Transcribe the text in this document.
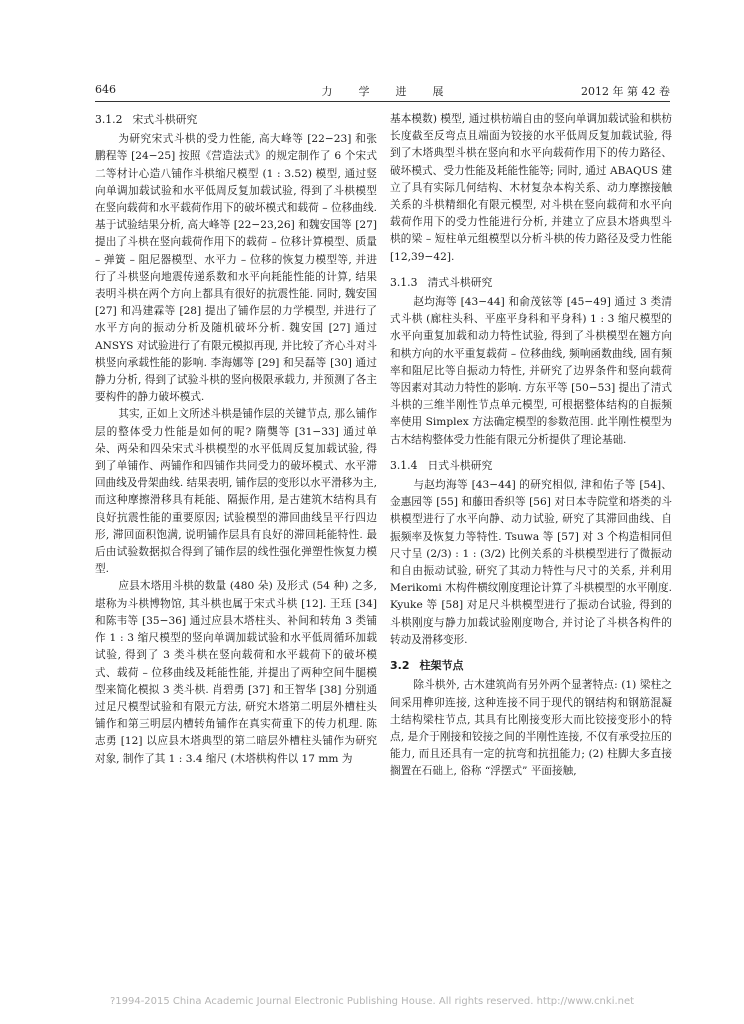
646	力学进展	2012 年 第 42 卷
3.1.2 宋式斗栱研究

为研究宋式斗栱的受力性能, 高大峰等 [22−23] 和张鹏程等 [24−25] 按照《营造法式》的规定制作了 6 个宋式二等材计心造八铺作斗栱缩尺模型 (1 : 3.52) 模型, 通过竖向单调加载试验和水平低周反复加载试验, 得到了斗栱模型在竖向载荷和水平载荷作用下的破坏模式和载荷 – 位移曲线. 基于试验结果分析, 高大峰等 [22−23,26] 和魏安国等 [27] 提出了斗栱在竖向载荷作用下的载荷 – 位移计算模型、质量 – 弹簧 – 阻尼器模型、水平力 – 位移的恢复力模型等, 并进行了斗栱竖向地震传递系数和水平向耗能性能的计算, 结果表明斗栱在两个方向上都具有很好的抗震性能. 同时, 魏安国 [27] 和冯建霖等 [28] 提出了铺作层的力学模型, 并进行了水平方向的振动分析及随机破坏分析. 魏安国 [27] 通过 ANSYS 对试验进行了有限元模拟再现, 并比较了齐心斗对斗栱竖向承载性能的影响. 李海娜等 [29] 和吴磊等 [30] 通过静力分析, 得到了试验斗栱的竖向极限承载力, 并预测了各主要构件的静力破坏模式.

其实, 正如上文所述斗栱是铺作层的关键节点, 那么铺作层的整体受力性能是如何的呢? 隋龑等 [31−33] 通过单朵、两朵和四朵宋式斗栱模型的水平低周反复加载试验, 得到了单铺作、两铺作和四铺作共同受力的破坏模式、水平滞回曲线及骨架曲线. 结果表明, 铺作层的变形以水平滑移为主, 而这种摩擦滑移具有耗能、隔振作用, 是古建筑木结构具有良好抗震性能的重要原因; 试验模型的滞回曲线呈平行四边形, 滞回面积饱满, 说明铺作层具有良好的滞回耗能特性. 最后由试验数据拟合得到了铺作层的线性强化弹塑性恢复力模型.

应县木塔用斗栱的数量 (480 朵) 及形式 (54 种) 之多, 堪称为斗栱博物馆, 其斗栱也属于宋式斗栱 [12]. 王珏 [34] 和陈韦等 [35−36] 通过应县木塔柱头、补间和转角 3 类铺作 1 : 3 缩尺模型的竖向单调加载试验和水平低周循环加载试验, 得到了 3 类斗栱在竖向载荷和水平载荷下的破坏模式、载荷 – 位移曲线及耗能性能, 并提出了两种空间牛腿模型来简化模拟 3 类斗栱. 肖碧勇 [37] 和王智华 [38] 分别通过足尺模型试验和有限元方法, 研究木塔第二明层外槽柱头铺作和第三明层内槽转角铺作在真实荷重下的传力机理. 陈志勇 [12] 以应县木塔典型的第二暗层外槽柱头铺作为研究对象, 制作了其 1 : 3.4 缩尺 (木塔栱构件以 17 mm 为

基本模数) 模型, 通过栱枋端自由的竖向单调加载试验和栱枋长度截至反弯点且端面为铰接的水平低周反复加载试验, 得到了木塔典型斗栱在竖向和水平向载荷作用下的传力路径、破坏模式、受力性能及耗能性能等; 同时, 通过 ABAQUS 建立了具有实际几何结构、木材复杂本构关系、动力摩擦接触关系的斗栱精细化有限元模型, 对斗栱在竖向载荷和水平向载荷作用下的受力性能进行分析, 并建立了应县木塔典型斗栱的梁 – 短柱单元组模型以分析斗栱的传力路径及受力性能 [12,39−42].

3.1.3 清式斗栱研究

赵均海等 [43−44] 和俞茂铉等 [45−49] 通过 3 类清式斗栱 (廊柱头科、平座平身科和平身科) 1 : 3 缩尺模型的水平向重复加载和动力特性试验, 得到了斗栱模型在翘方向和栱方向的水平重复载荷 – 位移曲线, 频响函数曲线, 固有频率和阻尼比等自振动力特性, 并研究了边界条件和竖向载荷等因素对其动力特性的影响. 方东平等 [50−53] 提出了清式斗栱的三维半刚性节点单元模型, 可根据整体结构的自振频率使用 Simplex 方法确定模型的参数范围. 此半刚性模型为古木结构整体受力性能有限元分析提供了理论基础.

3.1.4 日式斗栱研究

与赵均海等 [43−44] 的研究相似, 津和佑子等 [54]、金惠园等 [55] 和藤田香织等 [56] 对日本寺院堂和塔类的斗栱模型进行了水平向静、动力试验, 研究了其滞回曲线、自振频率及恢复力等特性. Tsuwa 等 [57] 对 3 个构造相同但尺寸呈 (2/3) : 1 : (3/2) 比例关系的斗栱模型进行了微振动和自由振动试验, 研究了其动力特性与尺寸的关系, 并利用 Merikomi 木构件横纹刚度理论计算了斗栱模型的水平刚度. Kyuke 等 [58] 对足尺斗栱模型进行了振动台试验, 得到的斗栱刚度与静力加载试验刚度吻合, 并讨论了斗栱各构件的转动及滑移变形.

3.2 柱架节点

除斗栱外, 古木建筑尚有另外两个显著特点: (1) 梁柱之间采用榫卯连接, 这种连接不同于现代的钢结构和钢筋混凝土结构梁柱节点, 其具有比刚接变形大而比铰接变形小的特点, 是介于刚接和铰接之间的半刚性连接, 不仅有承受拉压的能力, 而且还具有一定的抗弯和抗扭能力; (2) 柱脚大多直接搁置在石础上, 俗称 “浮摆式” 平面接触,

?1994-2015 China Academic Journal Electronic Publishing House. All rights reserved. http://www.cnki.net
